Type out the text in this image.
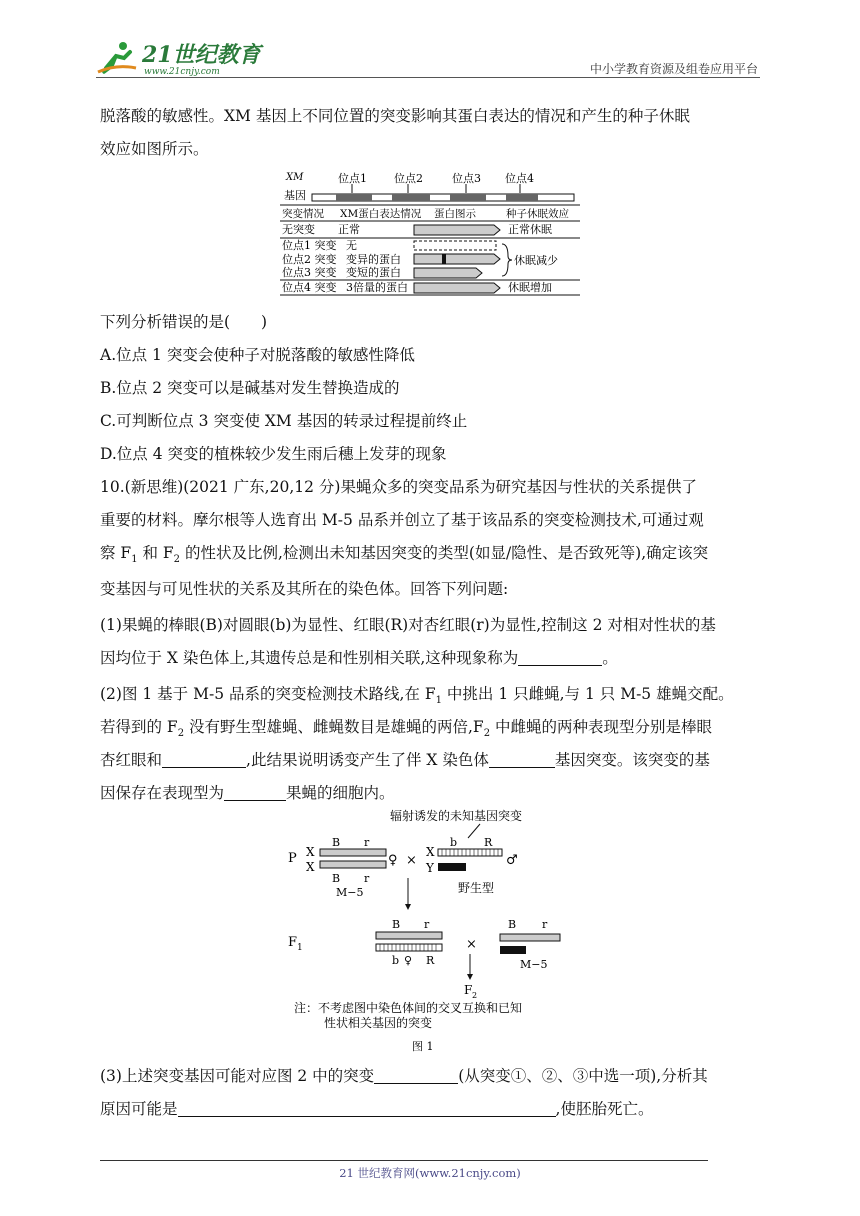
21世纪教育
www.21cnjy.com	中小学教育资源及组卷应用平台
脱落酸的敏感性。XM 基因上不同位置的突变影响其蛋白表达的情况和产生的种子休眠
效应如图所示。
XM
基因
位点1 位点2	位点3 位点4
突变情况 XM蛋白表达情况 蛋白图示	种子休眠效应
无突变 正常	正常休眠
位点1 突变 无
位点2 突变 变异的蛋白
位点3 突变 变短的蛋白
休眠减少
位点4 突变 3倍量的蛋白	休眠增加
下列分析错误的是(　　)
A.位点 1 突变会使种子对脱落酸的敏感性降低
B.位点 2 突变可以是碱基对发生替换造成的
C.可判断位点 3 突变使 XM 基因的转录过程提前终止
D.位点 4 突变的植株较少发生雨后穗上发芽的现象
10.(新思维)(2021 广东,20,12 分)果蝇众多的突变品系为研究基因与性状的关系提供了
重要的材料。摩尔根等人选育出 M-5 品系并创立了基于该品系的突变检测技术,可通过观
察 $F_1$ 和 $F_2$ 的性状及比例,检测出未知基因突变的类型(如显/隐性、是否致死等),确定该突
变基因与可见性状的关系及其所在的染色体。回答下列问题:
(1)果蝇的棒眼(B)对圆眼(b)为显性、红眼(R)对杏红眼(r)为显性,控制这 2 对相对性状的基
因均位于 X 染色体上,其遗传总是和性别相关联,这种现象称为	。
(2)图 1 基于 M-5 品系的突变检测技术路线,在 $F_1$ 中挑出 1 只雌蝇,与 1 只 M-5 雄蝇交配。
若得到的 $F_2$ 没有野生型雄蝇、雌蝇数目是雄蝇的两倍$,F_2$ 中雌蝇的两种表现型分别是棒眼
杏红眼和	,此结果说明诱变产生了伴 X 染色体	基因突变。该突变的基
因保存在表现型为	果蝇的细胞内。
辐射诱发的未知基因突变
P X
X
B r
B r
♀
M−5
×
X
Y
b R
♂
野生型
F 1
B r
b ♀ R
×
B r
M−5
F 2
注：不考虑图中染色体间的交叉互换和已知
性状相关基因的突变
图 1
(3)上述突变基因可能对应图 2 中的突变	(从突变①、②、③中选一项),分析其
原因可能是	,使胚胎死亡。
21 世纪教育网(www.21cnjy.com)
